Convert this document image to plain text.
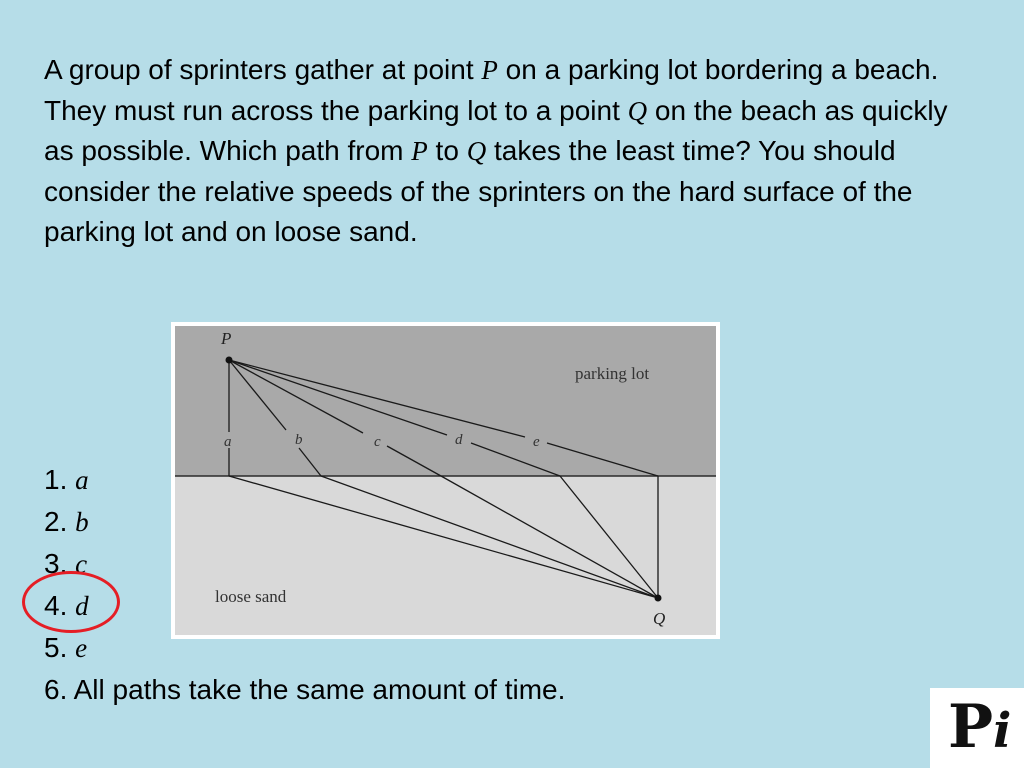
A group of sprinters gather at point P on a parking lot bordering a beach. They must run across the parking lot to a point Q on the beach as quickly as possible. Which path from P to Q takes the least time? You should consider the relative speeds of the sprinters on the hard surface of the parking lot and on loose sand.

P
Q
parking lot
loose sand
a	b	c	d	e
1. a
2. b
3. c
4. d
5. e
6. All paths take the same amount of time.
Pi
